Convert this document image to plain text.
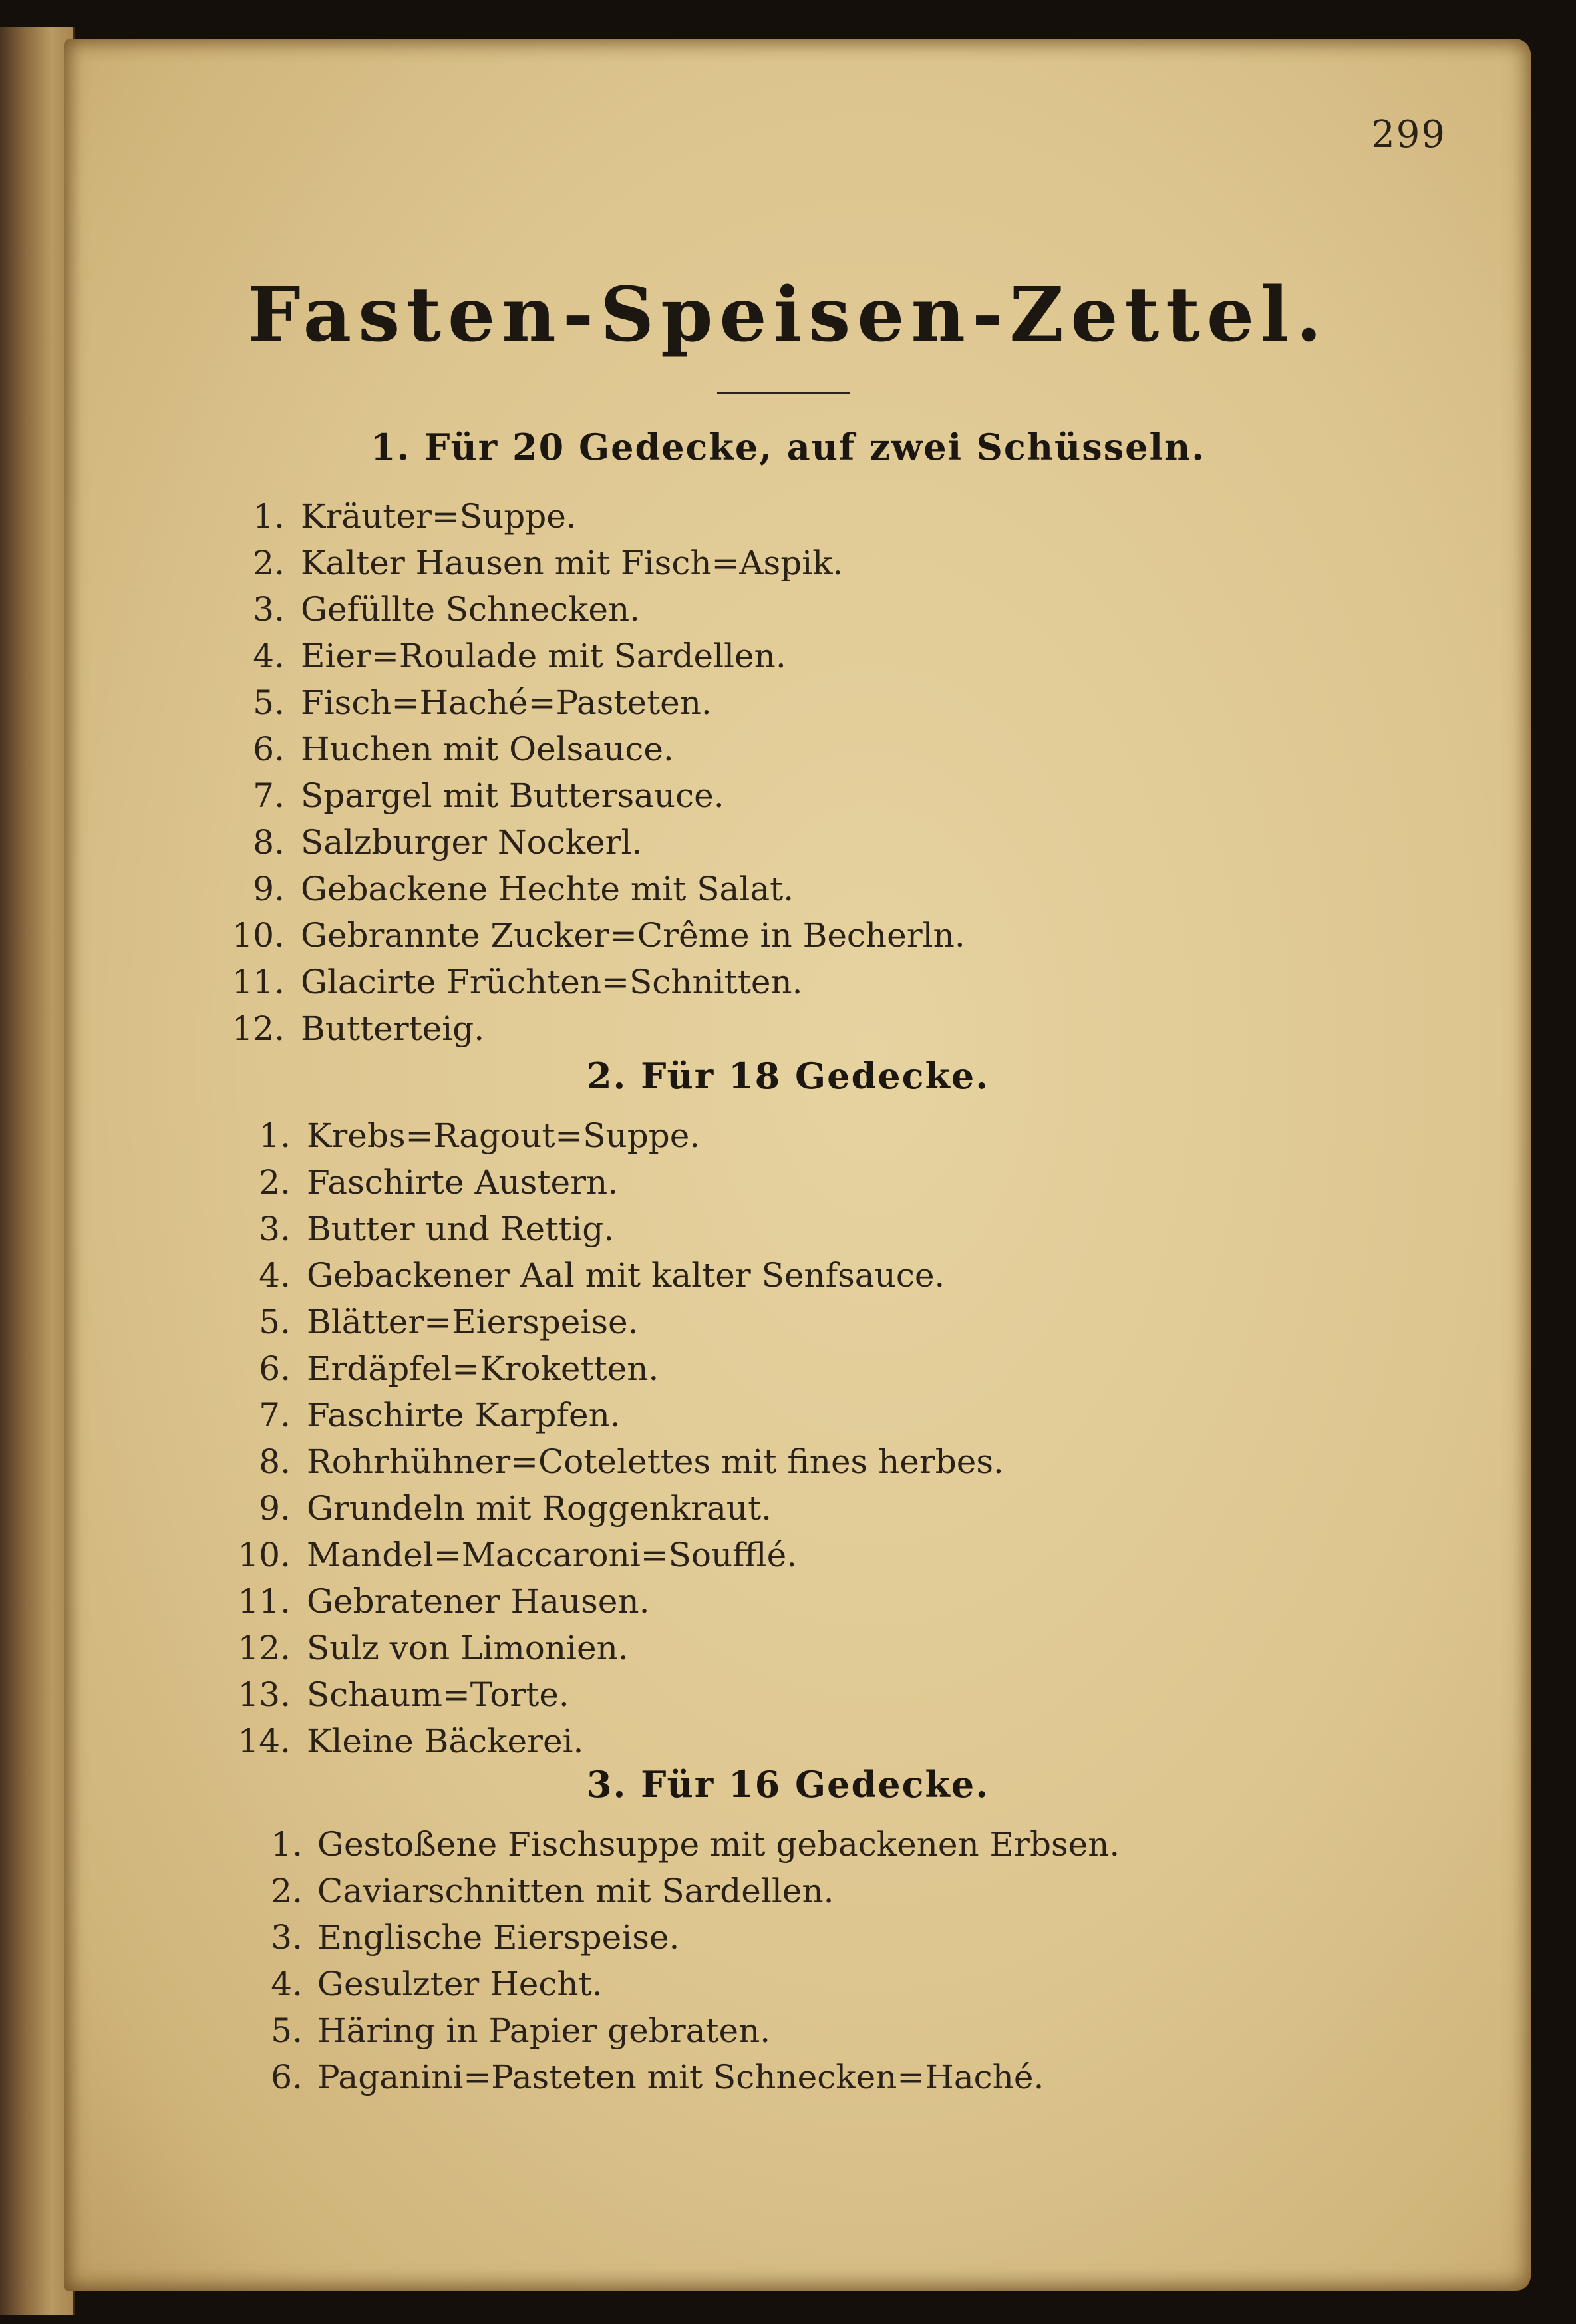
299
Fasten-Speisen-Zettel.
1. Für 20 Gedecke, auf zwei Schüsseln.
1. Kräuter=Suppe.
2. Kalter Hausen mit Fisch=Aspik.
3. Gefüllte Schnecken.
4. Eier=Roulade mit Sardellen.
5. Fisch=Haché=Pasteten.
6. Huchen mit Oelsauce.
7. Spargel mit Buttersauce.
8. Salzburger Nockerl.
9. Gebackene Hechte mit Salat.
10. Gebrannte Zucker=Crême in Becherln.
11. Glacirte Früchten=Schnitten.
12. Butterteig.
2. Für 18 Gedecke.
1. Krebs=Ragout=Suppe.
2. Faschirte Austern.
3. Butter und Rettig.
4. Gebackener Aal mit kalter Senfsauce.
5. Blätter=Eierspeise.
6. Erdäpfel=Kroketten.
7. Faschirte Karpfen.
8. Rohrhühner=Cotelettes mit fines herbes.
9. Grundeln mit Roggenkraut.
10. Mandel=Maccaroni=Soufflé.
11. Gebratener Hausen.
12. Sulz von Limonien.
13. Schaum=Torte.
14. Kleine Bäckerei.
3. Für 16 Gedecke.
1. Gestoßene Fischsuppe mit gebackenen Erbsen.
2. Caviarschnitten mit Sardellen.
3. Englische Eierspeise.
4. Gesulzter Hecht.
5. Häring in Papier gebraten.
6. Paganini=Pasteten mit Schnecken=Haché.
